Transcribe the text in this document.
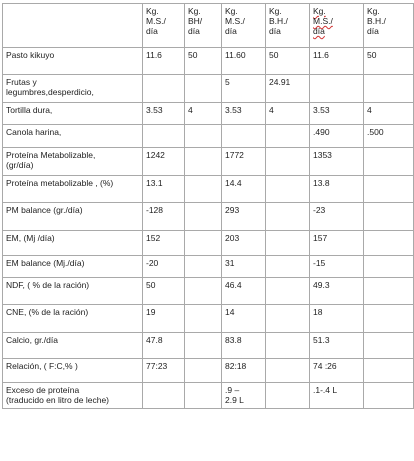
	Kg.
M.S./
día	Kg.
BH/
día	Kg.
M.S./
día	Kg.
B.H./
día	Kg.
M.S./
día	Kg.
B.H./
día
Pasto kikuyo	11.6	50	11.60	50	11.6	50
Frutas y
legumbres,desperdicio,			5	24.91		
Tortilla dura,	3.53	4	3.53	4	3.53	4
Canola harina,					.490	.500
Proteína Metabolizable,
(gr/día)	1242		1772		1353	
Proteína metabolizable , (%)	13.1		14.4		13.8	
PM balance (gr./día)	-128		293		-23	
EM, (Mj /día)	152		203		157	
EM balance (Mj./día)	-20		31		-15	
NDF, ( % de la ración)	50		46.4		49.3	
CNE, (% de la ración)	19		14		18	
Calcio, gr./día	47.8		83.8		51.3	
Relación, ( F:C,% )	77:23		82:18		74 :26	
Exceso de proteína
(traducido en litro de leche)			.9 –
2.9 L		.1-.4 L	
